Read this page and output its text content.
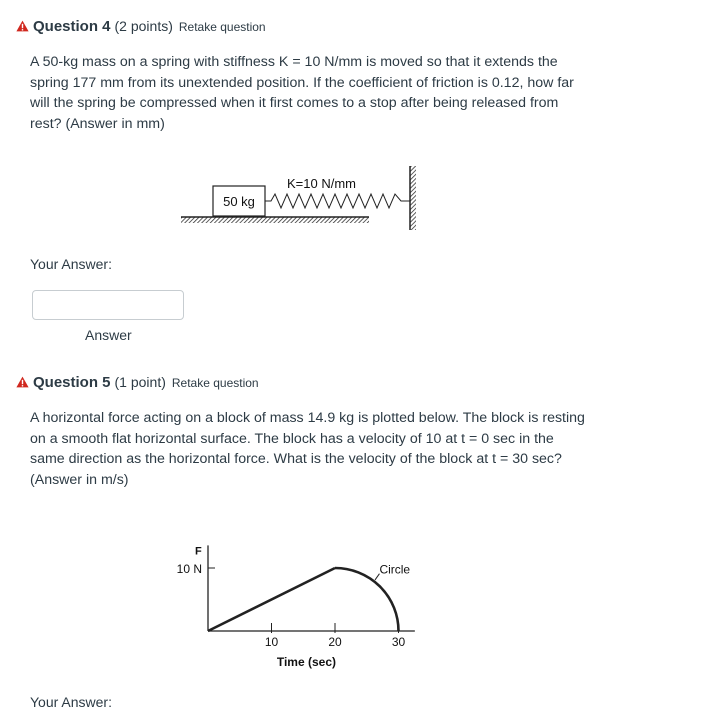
Question 4 (2 points) Retake question
A 50-kg mass on a spring with stiffness K = 10 N/mm is moved so that it extends the spring 177 mm from its unextended position. If the coefficient of friction is 0.12, how far will the spring be compressed when it first comes to a stop after being released from rest? (Answer in mm)
50 kg
K=10 N/mm
Your Answer:
Answer
Question 5 (1 point) Retake question
A horizontal force acting on a block of mass 14.9 kg is plotted below. The block is resting on a smooth flat horizontal surface. The block has a velocity of 10 at t = 0 sec in the same direction as the horizontal force. What is the velocity of the block at t = 30 sec? (Answer in m/s)
F
10 N
10	20	30
Time (sec)
Circle
Your Answer:
